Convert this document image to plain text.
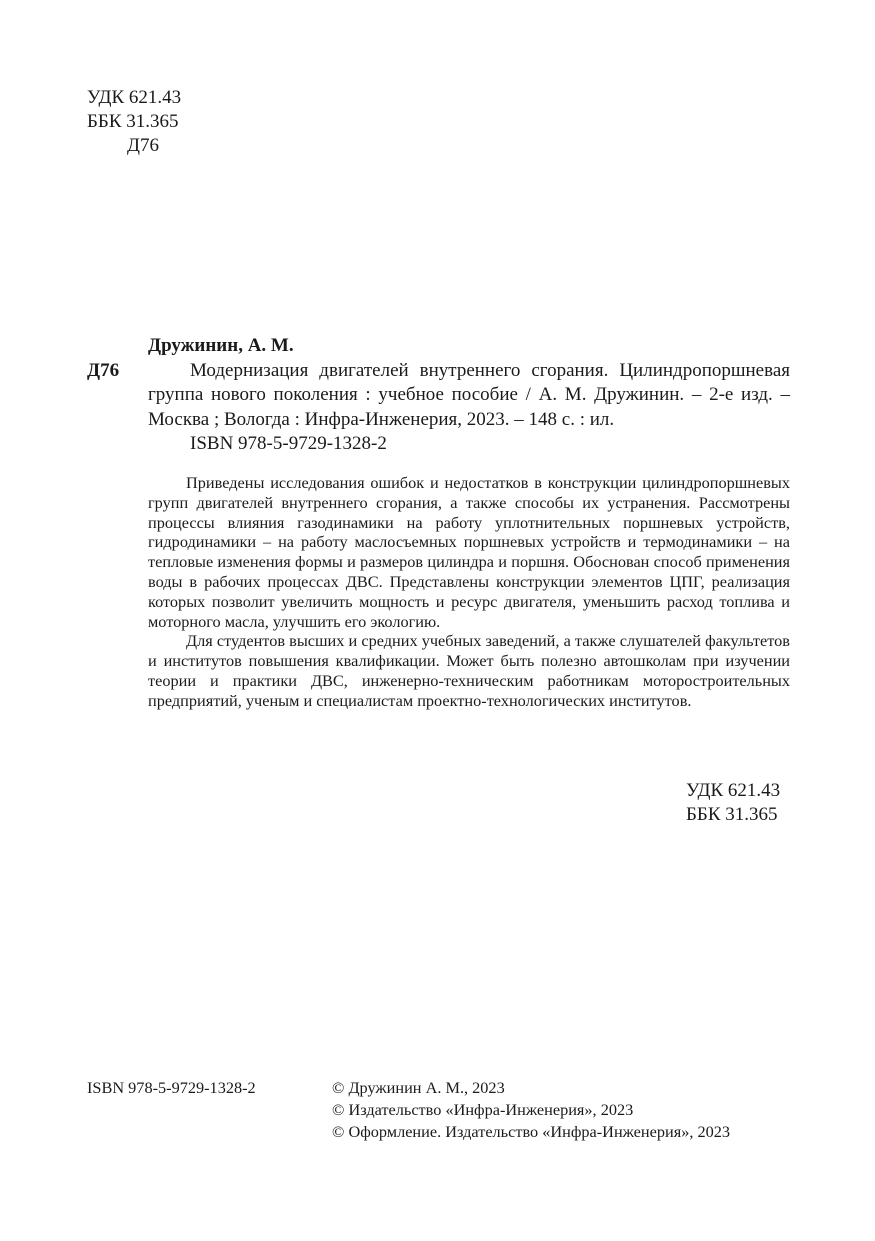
УДК 621.43
ББК 31.365
Д76
Дружинин, А. М.
Д76	Модернизация двигателей внутреннего сгорания. Цилиндропоршневая группа нового поколения : учебное пособие / А. М. Дружинин. – 2-е изд. – Москва ; Вологда : Инфра-Инженерия, 2023. – 148 с. : ил.
ISBN 978-5-9729-1328-2

Приведены исследования ошибок и недостатков в конструкции цилиндропоршневых групп двигателей внутреннего сгорания, а также способы их устранения. Рассмотрены процессы влияния газодинамики на работу уплотнительных поршневых устройств, гидродинамики – на работу маслосъемных поршневых устройств и термодинамики – на тепловые изменения формы и размеров цилиндра и поршня. Обоснован способ применения воды в рабочих процессах ДВС. Представлены конструкции элементов ЦПГ, реализация которых позволит увеличить мощность и ресурс двигателя, уменьшить расход топлива и моторного масла, улучшить его экологию.

Для студентов высших и средних учебных заведений, а также слушателей факультетов и институтов повышения квалификации. Может быть полезно автошколам при изучении теории и практики ДВС, инженерно-техническим работникам моторостроительных предприятий, ученым и специалистам проектно-технологических институтов.

УДК 621.43
ББК 31.365
ISBN 978-5-9729-1328-2	© Дружинин А. М., 2023
© Издательство «Инфра-Инженерия», 2023
© Оформление. Издательство «Инфра-Инженерия», 2023
